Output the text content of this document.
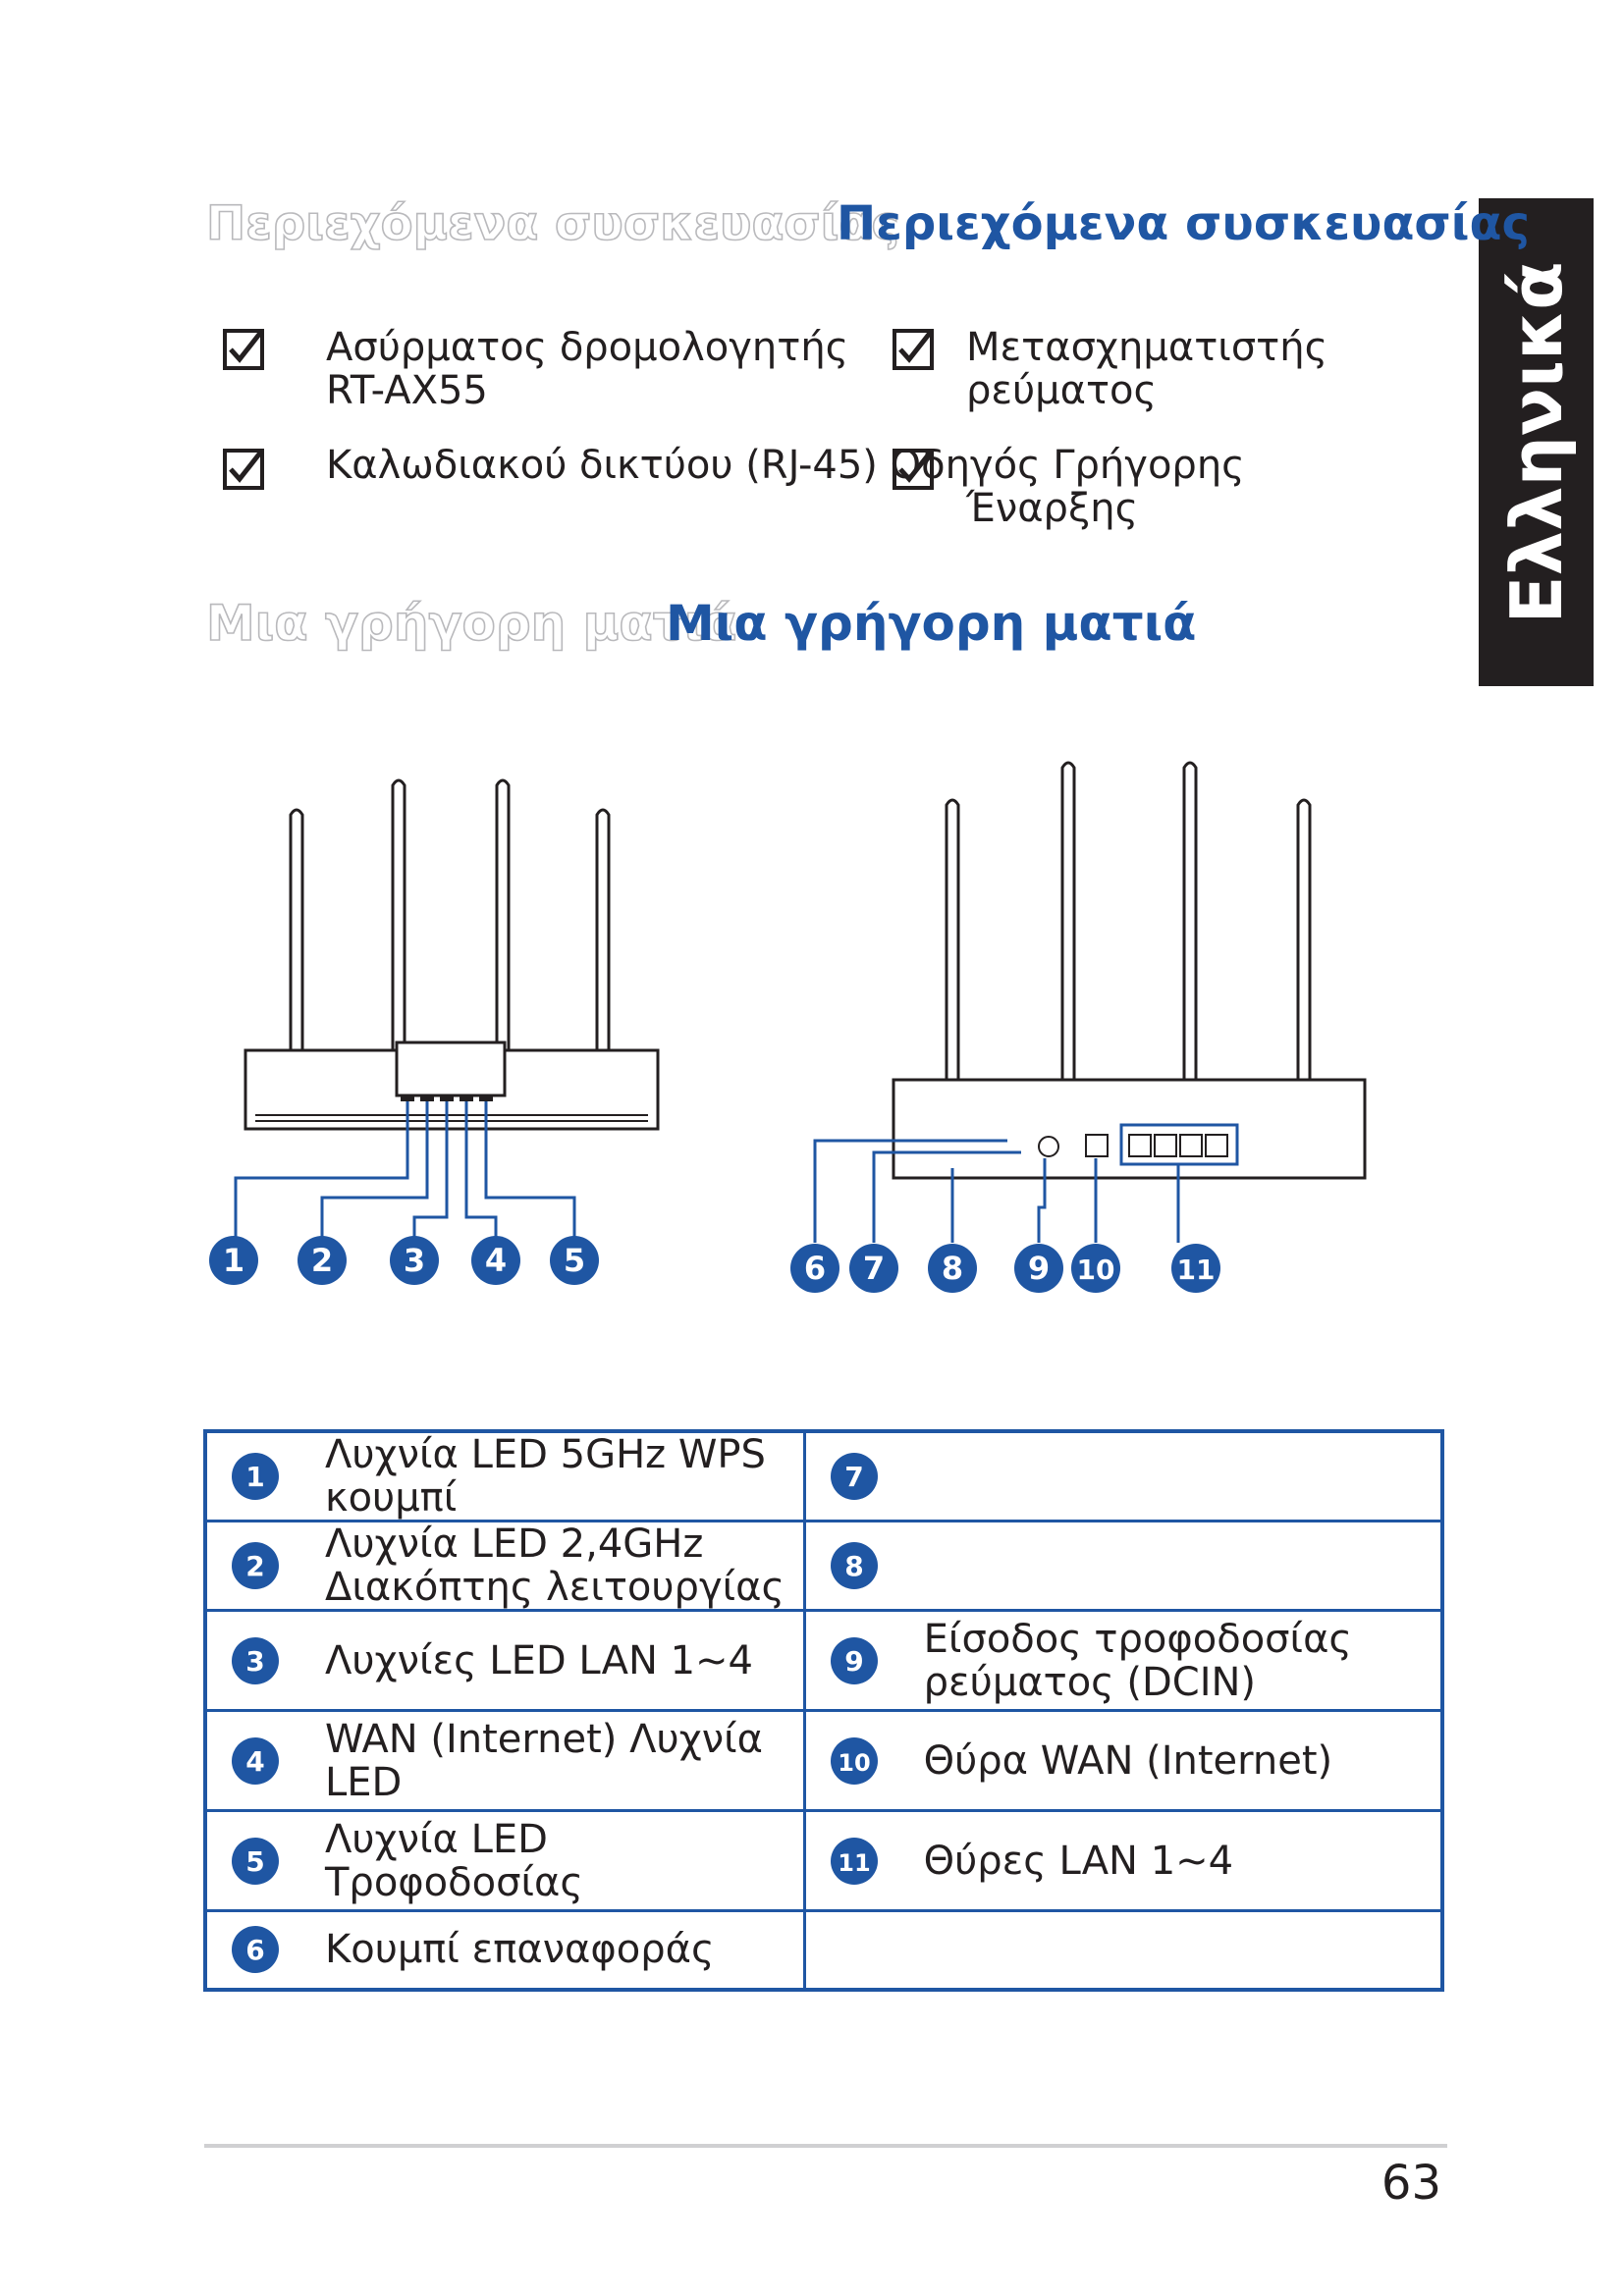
Ελληνικά
Περιεχόμενα συσκευασίας
Περιεχόμενα συσκευασίας
Ασύρματος δρομολογητής
RT-AX55
Μετασχηματιστής
ρεύματος
Καλωδιακού δικτύου (RJ-45) Οδηγός Γρήγορης
Έναρξης
Μια γρήγορη ματιά
Μια γρήγορη ματιά
1 2 3 4 5	6 7 8 9 10 11
1 Λυχνία LED 5GHz WPS κουμπί	7

2 Λυχνία LED 2,4GHz Διακόπτης λειτουργίας	8

3 Λυχνίες LED LAN 1~4	9 Είσοδος τροφοδοσίας
ρεύματος (DCIN)

4 WAN (Internet) Λυχνία
LED	10 Θύρα WAN (Internet)

5 Λυχνία LED
Τροφοδοσίας	11 Θύρες LAN 1~4

6 Κουμπί επαναφοράς	

63
